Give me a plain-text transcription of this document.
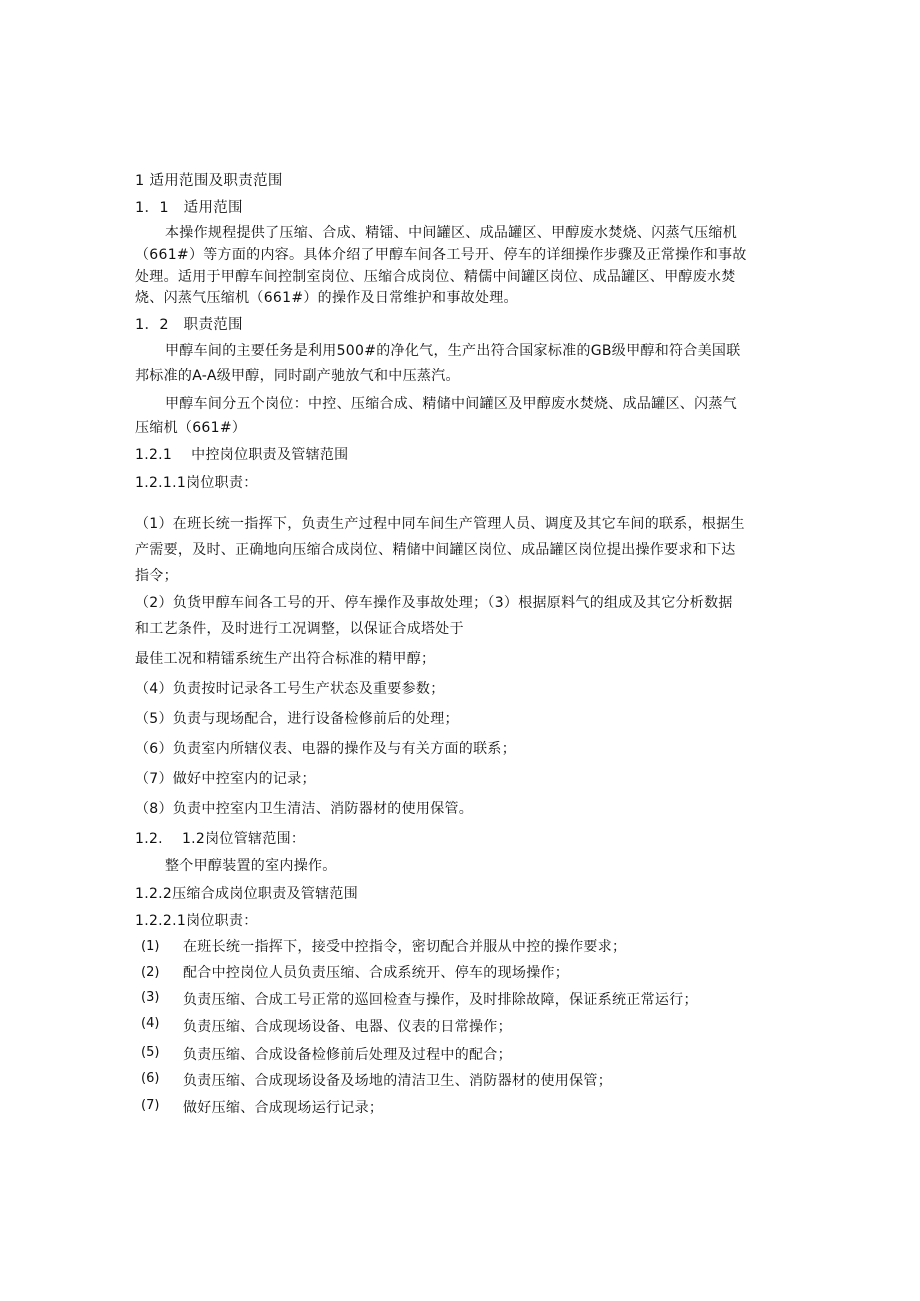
1 适用范围及职责范围
1．1　适用范围
本操作规程提供了压缩、合成、精镭、中间罐区、成品罐区、甲醇废水焚烧、闪蒸气压缩机
（661#）等方面的内容。具体介绍了甲醇车间各工号开、停车的详细操作步骤及正常操作和事故
处理。适用于甲醇车间控制室岗位、压缩合成岗位、精儒中间罐区岗位、成品罐区、甲醇废水焚
烧、闪蒸气压缩机（661#）的操作及日常维护和事故处理。
1．2　职责范围
甲醇车间的主要任务是利用500#的净化气，生产出符合国家标准的GB级甲醇和符合美国联
邦标准的A-A级甲醇，同时副产驰放气和中压蒸汽。
甲醇车间分五个岗位：中控、压缩合成、精储中间罐区及甲醇废水焚烧、成品罐区、闪蒸气
压缩机（661#）
1.2.1　 中控岗位职责及管辖范围
1.2.1.1岗位职责：
（1）在班长统一指挥下，负责生产过程中同车间生产管理人员、调度及其它车间的联系，根据生
产需要，及时、正确地向压缩合成岗位、精储中间罐区岗位、成品罐区岗位提出操作要求和下达
指令；
（2）负货甲醇车间各工号的开、停车操作及事故处理；（3）根据原料气的组成及其它分析数据
和工艺条件，及时进行工况调整，以保证合成塔处于
最佳工况和精镭系统生产出符合标准的精甲醇；
（4）负责按时记录各工号生产状态及重要参数；
（5）负责与现场配合，进行设备检修前后的处理；
（6）负责室内所辖仪表、电器的操作及与有关方面的联系；
（7）做好中控室内的记录；
（8）负责中控室内卫生清洁、消防器材的使用保管。
1.2.　 1.2岗位管辖范围：
整个甲醇装置的室内操作。
1.2.2压缩合成岗位职责及管辖范围
1.2.2.1岗位职责：
(1)	在班长统一指挥下，接受中控指令，密切配合并服从中控的操作要求；
(2)	配合中控岗位人员负责压缩、合成系统开、停车的现场操作；
(3)	负责压缩、合成工号正常的巡回检查与操作，及时排除故障，保证系统正常运行；
(4)	负责压缩、合成现场设备、电器、仪表的日常操作；
(5)	负责压缩、合成设备检修前后处理及过程中的配合；
(6)	负责压缩、合成现场设备及场地的清洁卫生、消防器材的使用保管；
(7)	做好压缩、合成现场运行记录；
